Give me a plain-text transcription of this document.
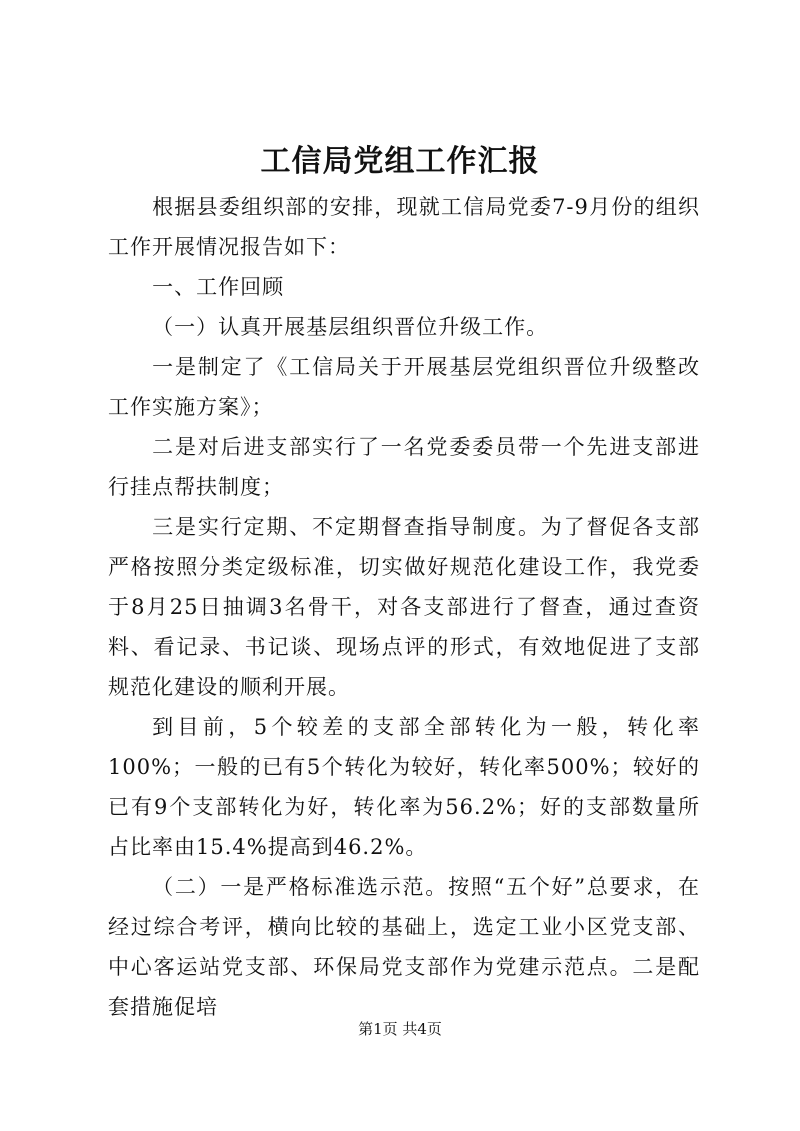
工信局党组工作汇报

根据县委组织部的安排，现就工信局党委7-9月份的组织工作开展情况报告如下：

一、工作回顾

（一）认真开展基层组织晋位升级工作。

一是制定了《工信局关于开展基层党组织晋位升级整改工作实施方案》；

二是对后进支部实行了一名党委委员带一个先进支部进行挂点帮扶制度；

三是实行定期、不定期督查指导制度。为了督促各支部严格按照分类定级标准，切实做好规范化建设工作，我党委于8月25日抽调3名骨干，对各支部进行了督查，通过查资料、看记录、书记谈、现场点评的形式，有效地促进了支部规范化建设的顺利开展。

到目前，5个较差的支部全部转化为一般，转化率100%；一般的已有5个转化为较好，转化率500%；较好的已有9个支部转化为好，转化率为56.2%；好的支部数量所占比率由15.4%提高到46.2%。

（二）一是严格标准选示范。按照“五个好”总要求，在经过综合考评，横向比较的基础上，选定工业小区党支部、中心客运站党支部、环保局党支部作为党建示范点。二是配套措施促培

第1页 共4页
